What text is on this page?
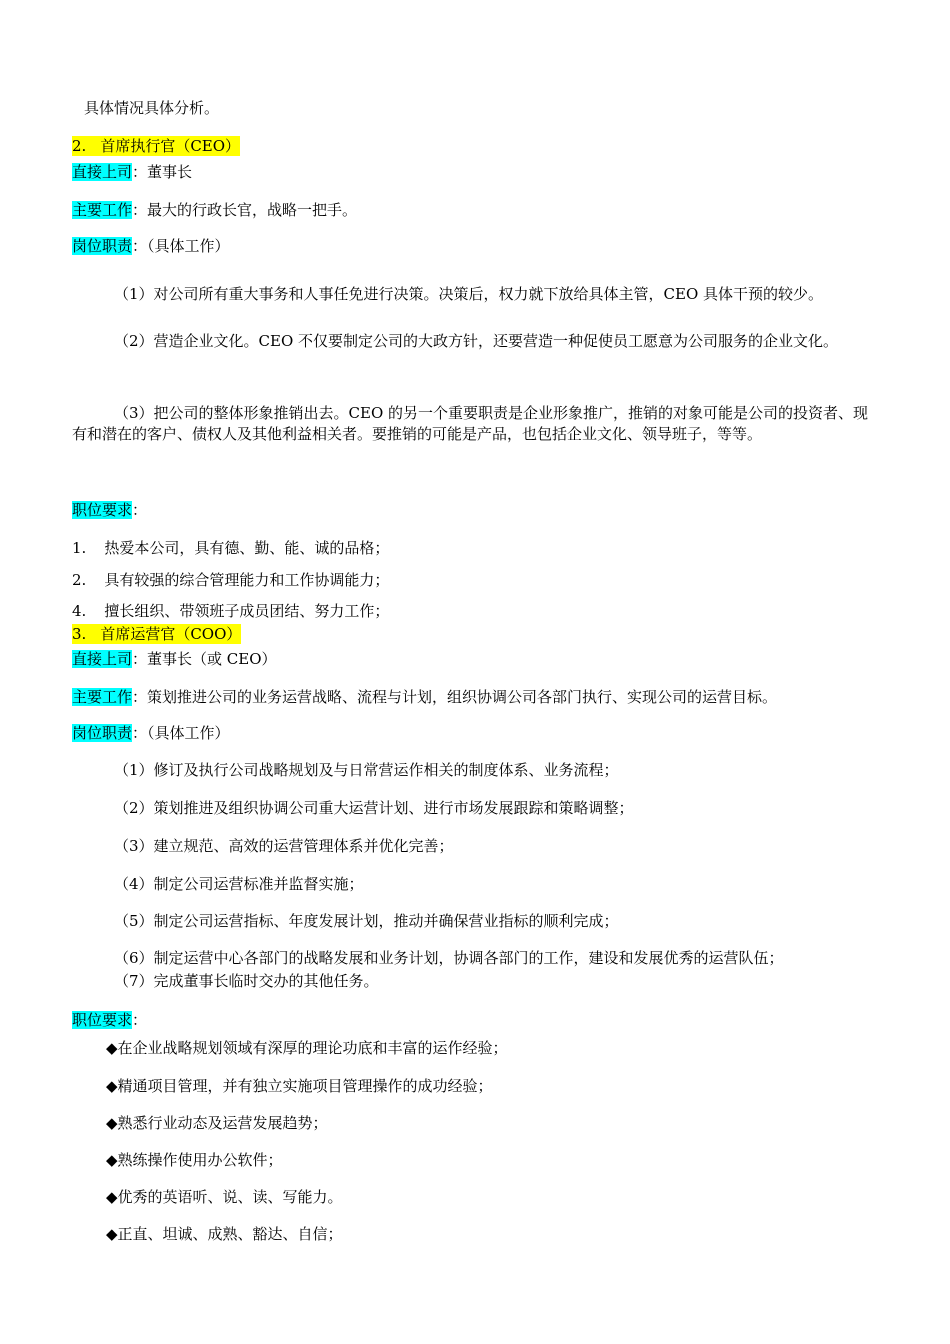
具体情况具体分析。
2. 首席执行官（CEO）
直接上司：董事长
主要工作：最大的行政长官，战略一把手。
岗位职责：（具体工作）
（1）对公司所有重大事务和人事任免进行决策。决策后，权力就下放给具体主管，CEO 具体干预的较少。
（2）营造企业文化。CEO 不仅要制定公司的大政方针，还要营造一种促使员工愿意为公司服务的企业文化。
（3）把公司的整体形象推销出去。CEO 的另一个重要职责是企业形象推广，推销的对象可能是公司的投资者、现有和潜在的客户、债权人及其他利益相关者。要推销的可能是产品，也包括企业文化、领导班子，等等。
职位要求：
1. 热爱本公司，具有德、勤、能、诚的品格；
2. 具有较强的综合管理能力和工作协调能力；
4. 擅长组织、带领班子成员团结、努力工作；
3. 首席运营官（COO）
直接上司：董事长（或 CEO）
主要工作：策划推进公司的业务运营战略、流程与计划，组织协调公司各部门执行、实现公司的运营目标。
岗位职责：（具体工作）
（1）修订及执行公司战略规划及与日常营运作相关的制度体系、业务流程；
（2）策划推进及组织协调公司重大运营计划、进行市场发展跟踪和策略调整；
（3）建立规范、高效的运营管理体系并优化完善；
（4）制定公司运营标准并监督实施；
（5）制定公司运营指标、年度发展计划，推动并确保营业指标的顺利完成；
（6）制定运营中心各部门的战略发展和业务计划，协调各部门的工作，建设和发展优秀的运营队伍；
（7）完成董事长临时交办的其他任务。
职位要求：
◆在企业战略规划领域有深厚的理论功底和丰富的运作经验；
◆精通项目管理，并有独立实施项目管理操作的成功经验；
◆熟悉行业动态及运营发展趋势；
◆熟练操作使用办公软件；
◆优秀的英语听、说、读、写能力。
◆正直、坦诚、成熟、豁达、自信；
